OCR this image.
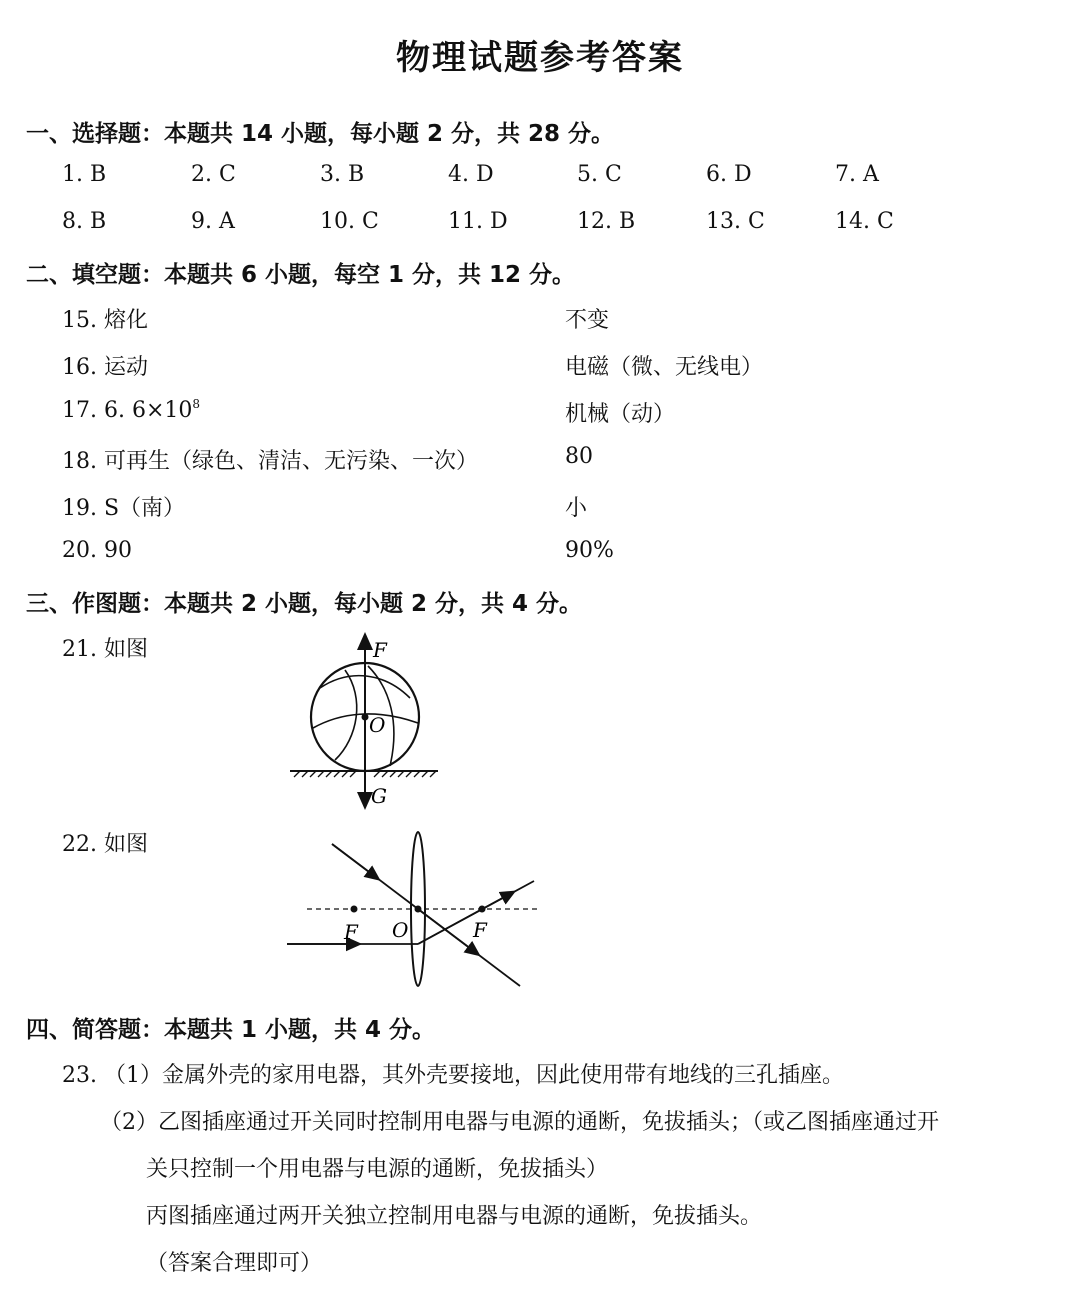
物理试题参考答案
一、选择题：本题共 14 小题，每小题 2 分，共 28 分。
1. B	2. C	3. B	4. D	5. C	6. D	7. A
8. B	9. A	10. C	11. D	12. B	13. C	14. C
二、填空题：本题共 6 小题，每空 1 分，共 12 分。
15. 熔化	不变
16. 运动	电磁（微、无线电）
17. 6. $6\times 10^8$	机械（动）
18. 可再生（绿色、清洁、无污染、一次）	80
19. S（南）	小
20. 90	90%
三、作图题：本题共 2 小题，每小题 2 分，共 4 分。
21. 如图	F
O
G
22. 如图
F O	F
四、简答题：本题共 1 小题，共 4 分。
23. （1）金属外壳的家用电器，其外壳要接地，因此使用带有地线的三孔插座。
（2）乙图插座通过开关同时控制用电器与电源的通断，免拔插头；（或乙图插座通过开
关只控制一个用电器与电源的通断，免拔插头）
丙图插座通过两开关独立控制用电器与电源的通断，免拔插头。
（答案合理即可）
